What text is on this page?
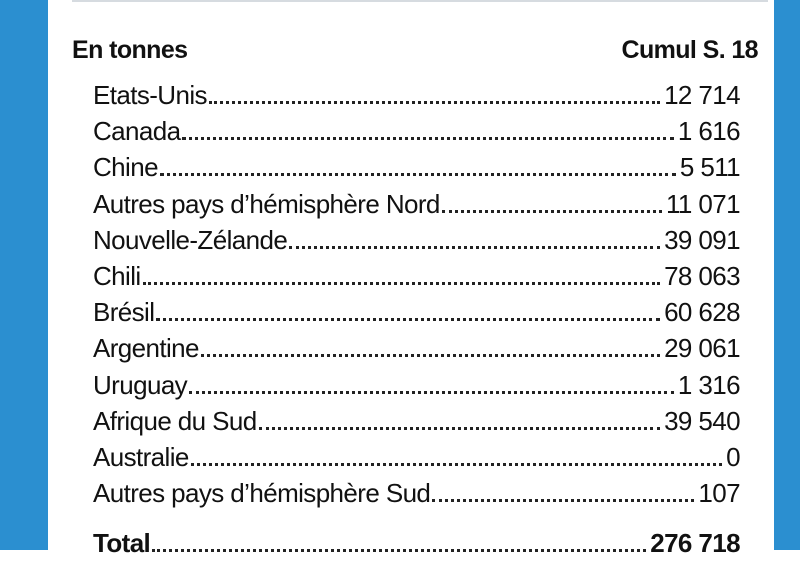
En tonnes	Cumul S. 18
Etats-Unis	12 714
Canada	1 616
Chine	5 511
Autres pays d’hémisphère Nord	11 071
Nouvelle-Zélande	39 091
Chili	78 063
Brésil	60 628
Argentine	29 061
Uruguay	1 316
Afrique du Sud	39 540
Australie	0
Autres pays d’hémisphère Sud	107
Total	276 718
